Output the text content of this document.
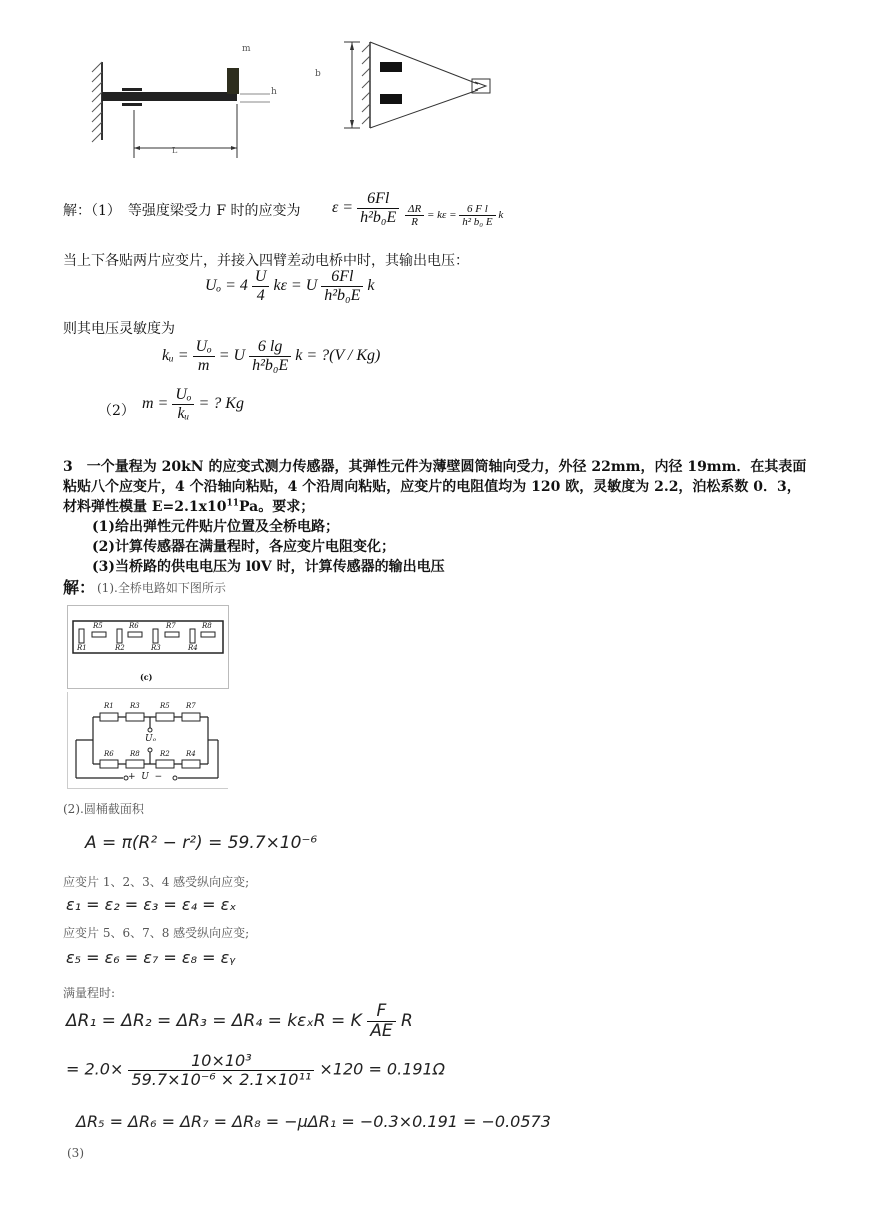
m
h
L
b
解：（1）　等强度梁受力 F 时的应变为 $\varepsilon = \frac{6Fl}{\text{h²b₀E}} \frac{\Delta R}{R} = k\varepsilon = \frac{\text{6 F l}}{\text{h² b₀ E}}$ k
当上下各贴两片应变片，并接入四臂差动电桥中时，其输出电压：
$U_o = 4 \frac{U}{4}$ kε = U $\frac{6Fl}{\text{h²b₀E}}$ k
则其电压灵敏度为
kᵤ = $\frac{\text{Uₒ}}{m} = U \frac{6 \lg}{\text{h²b₀E}}$ k = ?(V / Kg)
（2） $m = \frac{\text{Uₒ}}{\text{kᵤ}}$ = ? Kg
3　一个量程为 20kN 的应变式测力传感器，其弹性元件为薄壁圆筒轴向受力，外径 22mm，内径 19mm．在其表面
粘贴八个应变片，4 个沿轴向粘贴，4 个沿周向粘贴，应变片的电阻值均为 120 欧，灵敏度为 2.2，泊松系数 0．3，
材料弹性模量 $E=2.1x10^{11}Pa$。要求；
(1)给出弹性元件贴片位置及全桥电路；
(2)计算传感器在满量程时，各应变片电阻变化；
(3)当桥路的供电电压为 l0V 时，计算传感器的输出电压
解： (1).全桥电路如下图所示
R5	R6	R7	R8
R1	R2	R3	R4
(c)
R1 R3	R5 R7
R6 R8	R2 R4
Uₒ
+  U  −
(2).圆桶截面积
A = π(R² − r²) = 59.7×10⁻⁶
应变片 1、2、3、4 感受纵向应变;
ε₁ = ε₂ = ε₃ = ε₄ = εₓ
应变片 5、6、7、8 感受纵向应变;
ε₅ = ε₆ = ε₇ = ε₈ = εᵧ
满量程时:
ΔR₁ = ΔR₂ = ΔR₃ = ΔR₄ = kεₓR = K $\frac{F}{AE}$ R
= $2.0\times \frac{\text{10×10³}}{\text{59.7×10⁻⁶ × 2.1×10¹¹}} \times 120 = 0.191\Omega$
ΔR₅ = ΔR₆ = ΔR₇ = ΔR₈ = −μΔR₁ = −0.3×0.191 = −0.0573
(3)
